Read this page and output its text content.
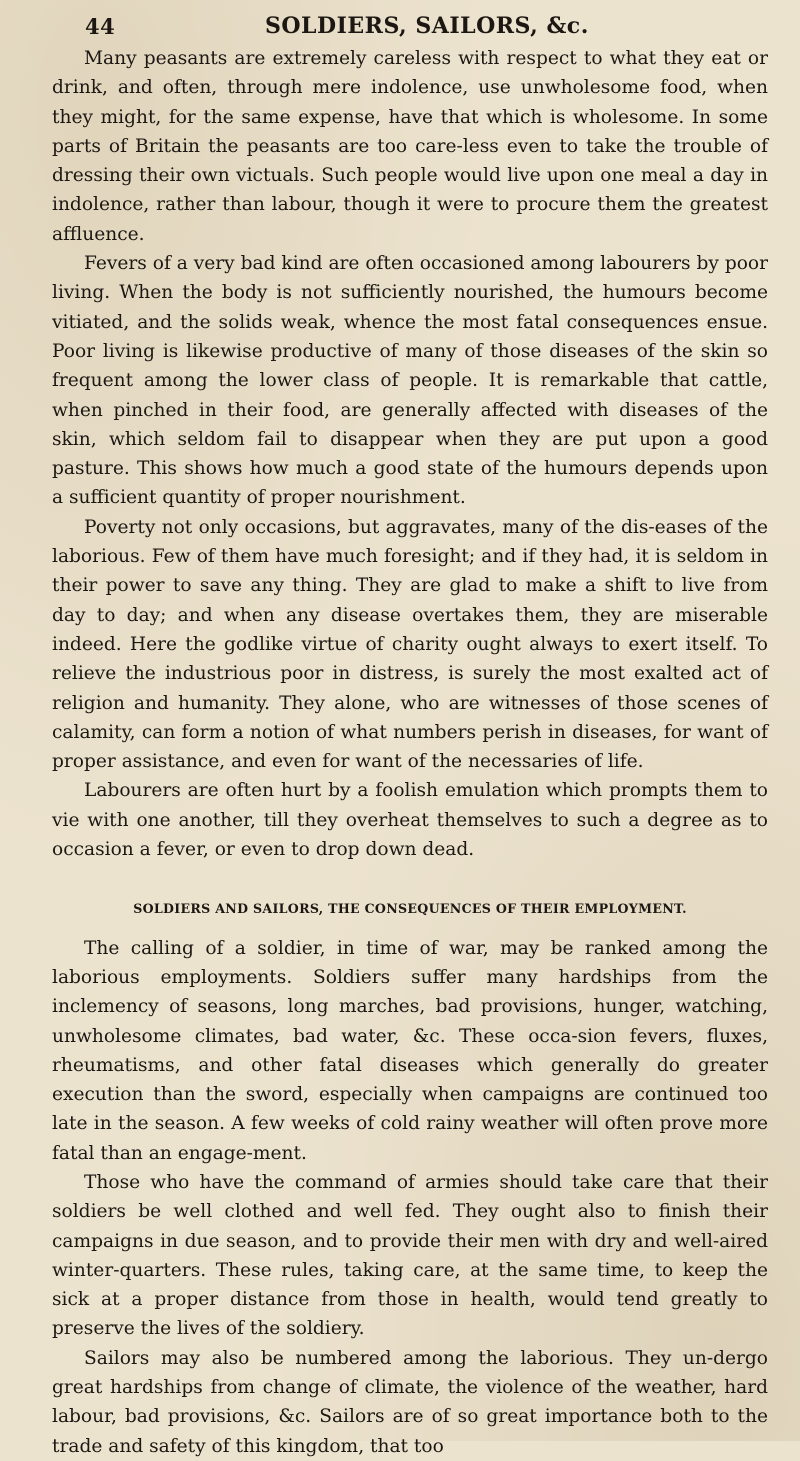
44	SOLDIERS, SAILORS, &c.

Many peasants are extremely careless with respect to what they eat or drink, and often, through mere indolence, use unwholesome food, when they might, for the same expense, have that which is wholesome. In some parts of Britain the peasants are too care-less even to take the trouble of dressing their own victuals. Such people would live upon one meal a day in indolence, rather than labour, though it were to procure them the greatest affluence.

Fevers of a very bad kind are often occasioned among labourers by poor living. When the body is not sufficiently nourished, the humours become vitiated, and the solids weak, whence the most fatal consequences ensue. Poor living is likewise productive of many of those diseases of the skin so frequent among the lower class of people. It is remarkable that cattle, when pinched in their food, are generally affected with diseases of the skin, which seldom fail to disappear when they are put upon a good pasture. This shows how much a good state of the humours depends upon a sufficient quantity of proper nourishment.

Poverty not only occasions, but aggravates, many of the dis-eases of the laborious. Few of them have much foresight; and if they had, it is seldom in their power to save any thing. They are glad to make a shift to live from day to day; and when any disease overtakes them, they are miserable indeed. Here the godlike virtue of charity ought always to exert itself. To relieve the industrious poor in distress, is surely the most exalted act of religion and humanity. They alone, who are witnesses of those scenes of calamity, can form a notion of what numbers perish in diseases, for want of proper assistance, and even for want of the necessaries of life.

Labourers are often hurt by a foolish emulation which prompts them to vie with one another, till they overheat themselves to such a degree as to occasion a fever, or even to drop down dead.

SOLDIERS AND SAILORS, THE CONSEQUENCES OF THEIR EMPLOYMENT.

The calling of a soldier, in time of war, may be ranked among the laborious employments. Soldiers suffer many hardships from the inclemency of seasons, long marches, bad provisions, hunger, watching, unwholesome climates, bad water, &c. These occa-sion fevers, fluxes, rheumatisms, and other fatal diseases which generally do greater execution than the sword, especially when campaigns are continued too late in the season. A few weeks of cold rainy weather will often prove more fatal than an engage-ment.

Those who have the command of armies should take care that their soldiers be well clothed and well fed. They ought also to finish their campaigns in due season, and to provide their men with dry and well-aired winter-quarters. These rules, taking care, at the same time, to keep the sick at a proper distance from those in health, would tend greatly to preserve the lives of the soldiery.

Sailors may also be numbered among the laborious. They un-dergo great hardships from change of climate, the violence of the weather, hard labour, bad provisions, &c. Sailors are of so great importance both to the trade and safety of this kingdom, that too
